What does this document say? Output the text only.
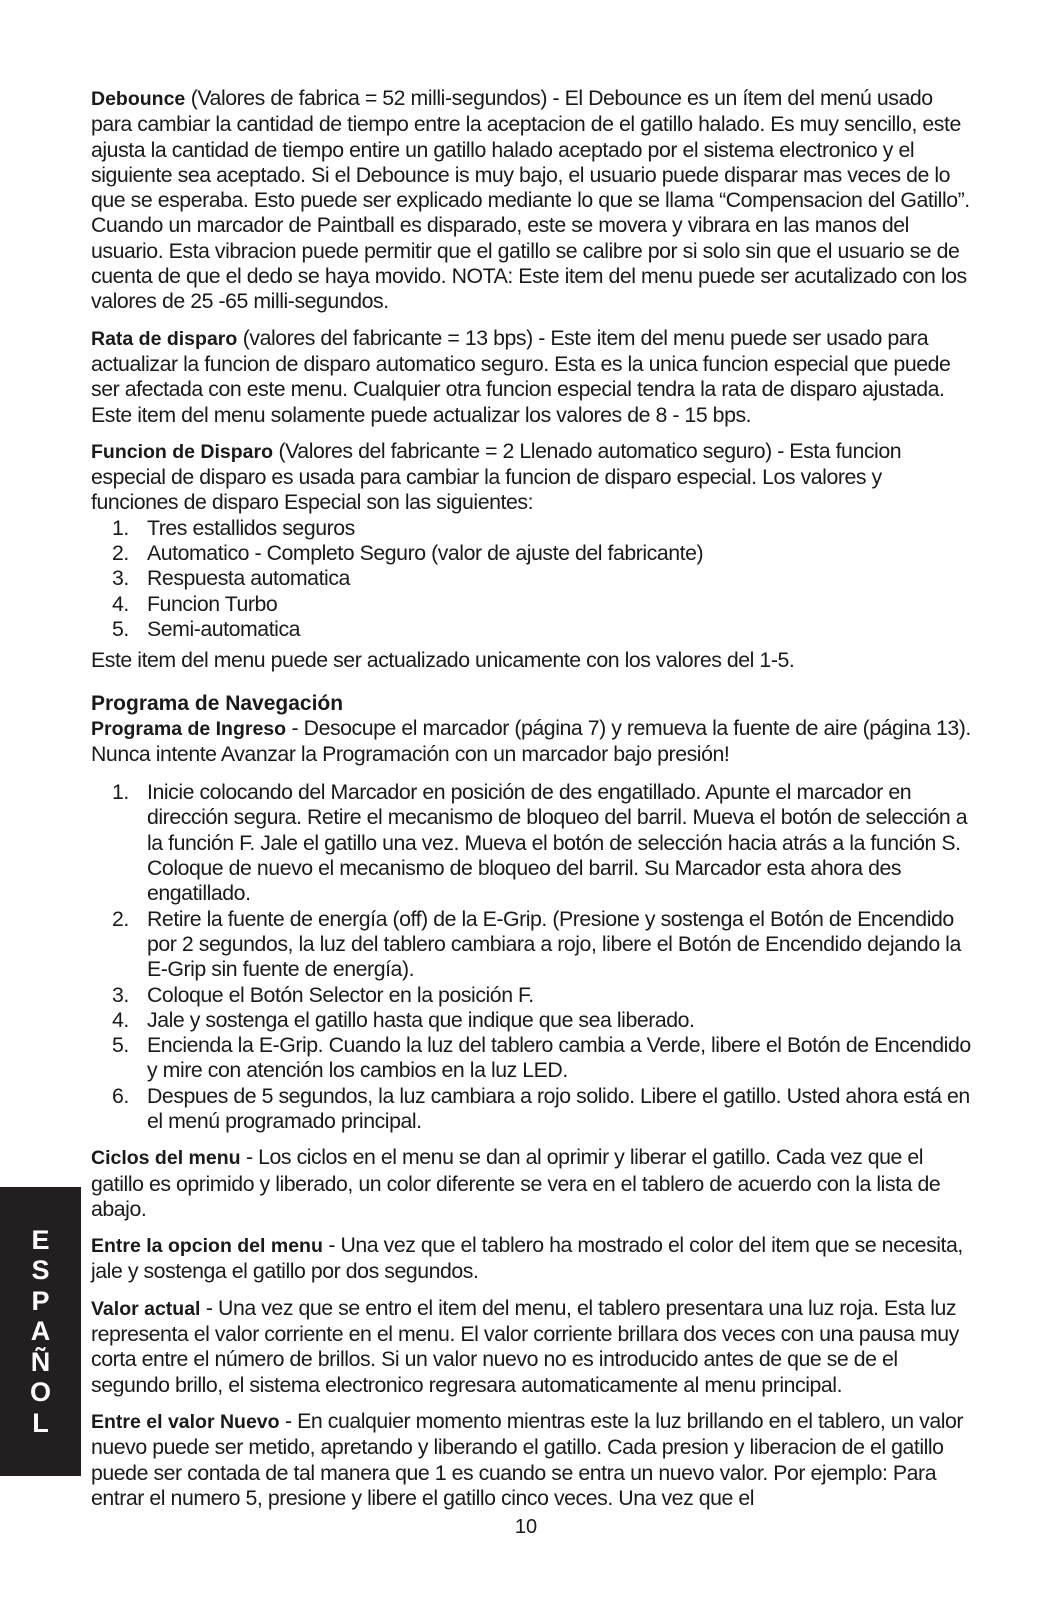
Debounce (Valores de fabrica = 52 milli-segundos) - El Debounce es un ítem del menú usado para cambiar la cantidad de tiempo entre la aceptacion de el gatillo halado. Es muy sencillo, este ajusta la cantidad de tiempo entire un gatillo halado aceptado por el sistema electronico y el siguiente sea aceptado. Si el Debounce is muy bajo, el usuario puede disparar mas veces de lo que se esperaba. Esto puede ser explicado mediante lo que se llama “Compensacion del Gatillo”. Cuando un marcador de Paintball es disparado, este se movera y vibrara en las manos del usuario. Esta vibracion puede permitir que el gatillo se calibre por si solo sin que el usuario se de cuenta de que el dedo se haya movido. NOTA: Este item del menu puede ser acutalizado con los valores de 25 -65 milli-segundos.

Rata de disparo (valores del fabricante = 13 bps) - Este item del menu puede ser usado para actualizar la funcion de disparo automatico seguro. Esta es la unica funcion especial que puede ser afectada con este menu. Cualquier otra funcion especial tendra la rata de disparo ajustada. Este item del menu solamente puede actualizar los valores de 8 - 15 bps.

Funcion de Disparo (Valores del fabricante = 2 Llenado automatico seguro) - Esta funcion especial de disparo es usada para cambiar la funcion de disparo especial. Los valores y funciones de disparo Especial son las siguientes:

1. Tres estallidos seguros
2. Automatico - Completo Seguro (valor de ajuste del fabricante)
3. Respuesta automatica
4. Funcion Turbo
5. Semi-automatica

Este item del menu puede ser actualizado unicamente con los valores del 1-5.

Programa de Navegación

Programa de Ingreso - Desocupe el marcador (página 7) y remueva la fuente de aire (página 13). Nunca intente Avanzar la Programación con un marcador bajo presión!

1. Inicie colocando del Marcador en posición de des engatillado. Apunte el marcador en dirección segura. Retire el mecanismo de bloqueo del barril. Mueva el botón de selección a la función F. Jale el gatillo una vez. Mueva el botón de selección hacia atrás a la función S. Coloque de nuevo el mecanismo de bloqueo del barril. Su Marcador esta ahora des engatillado.
2. Retire la fuente de energía (off) de la E-Grip. (Presione y sostenga el Botón de Encendido por 2 segundos, la luz del tablero cambiara a rojo, libere el Botón de Encendido dejando la E-Grip sin fuente de energía).
3. Coloque el Botón Selector en la posición F.
4. Jale y sostenga el gatillo hasta que indique que sea liberado.
5. Encienda la E-Grip. Cuando la luz del tablero cambia a Verde, libere el Botón de Encendido y mire con atención los cambios en la luz LED.
6. Despues de 5 segundos, la luz cambiara a rojo solido. Libere el gatillo. Usted ahora está en el menú programado principal.

Ciclos del menu - Los ciclos en el menu se dan al oprimir y liberar el gatillo. Cada vez que el gatillo es oprimido y liberado, un color diferente se vera en el tablero de acuerdo con la lista de abajo.

Entre la opcion del menu - Una vez que el tablero ha mostrado el color del item que se necesita, jale y sostenga el gatillo por dos segundos.

Valor actual - Una vez que se entro el item del menu, el tablero presentara una luz roja. Esta luz representa el valor corriente en el menu. El valor corriente brillara dos veces con una pausa muy corta entre el número de brillos. Si un valor nuevo no es introducido antes de que se de el segundo brillo, el sistema electronico regresara automaticamente al menu principal.

Entre el valor Nuevo - En cualquier momento mientras este la luz brillando en el tablero, un valor nuevo puede ser metido, apretando y liberando el gatillo. Cada presion y liberacion de el gatillo puede ser contada de tal manera que 1 es cuando se entra un nuevo valor. Por ejemplo: Para entrar el numero 5, presione y libere el gatillo cinco veces. Una vez que el

E
S
P
A
Ñ
O
L
10
